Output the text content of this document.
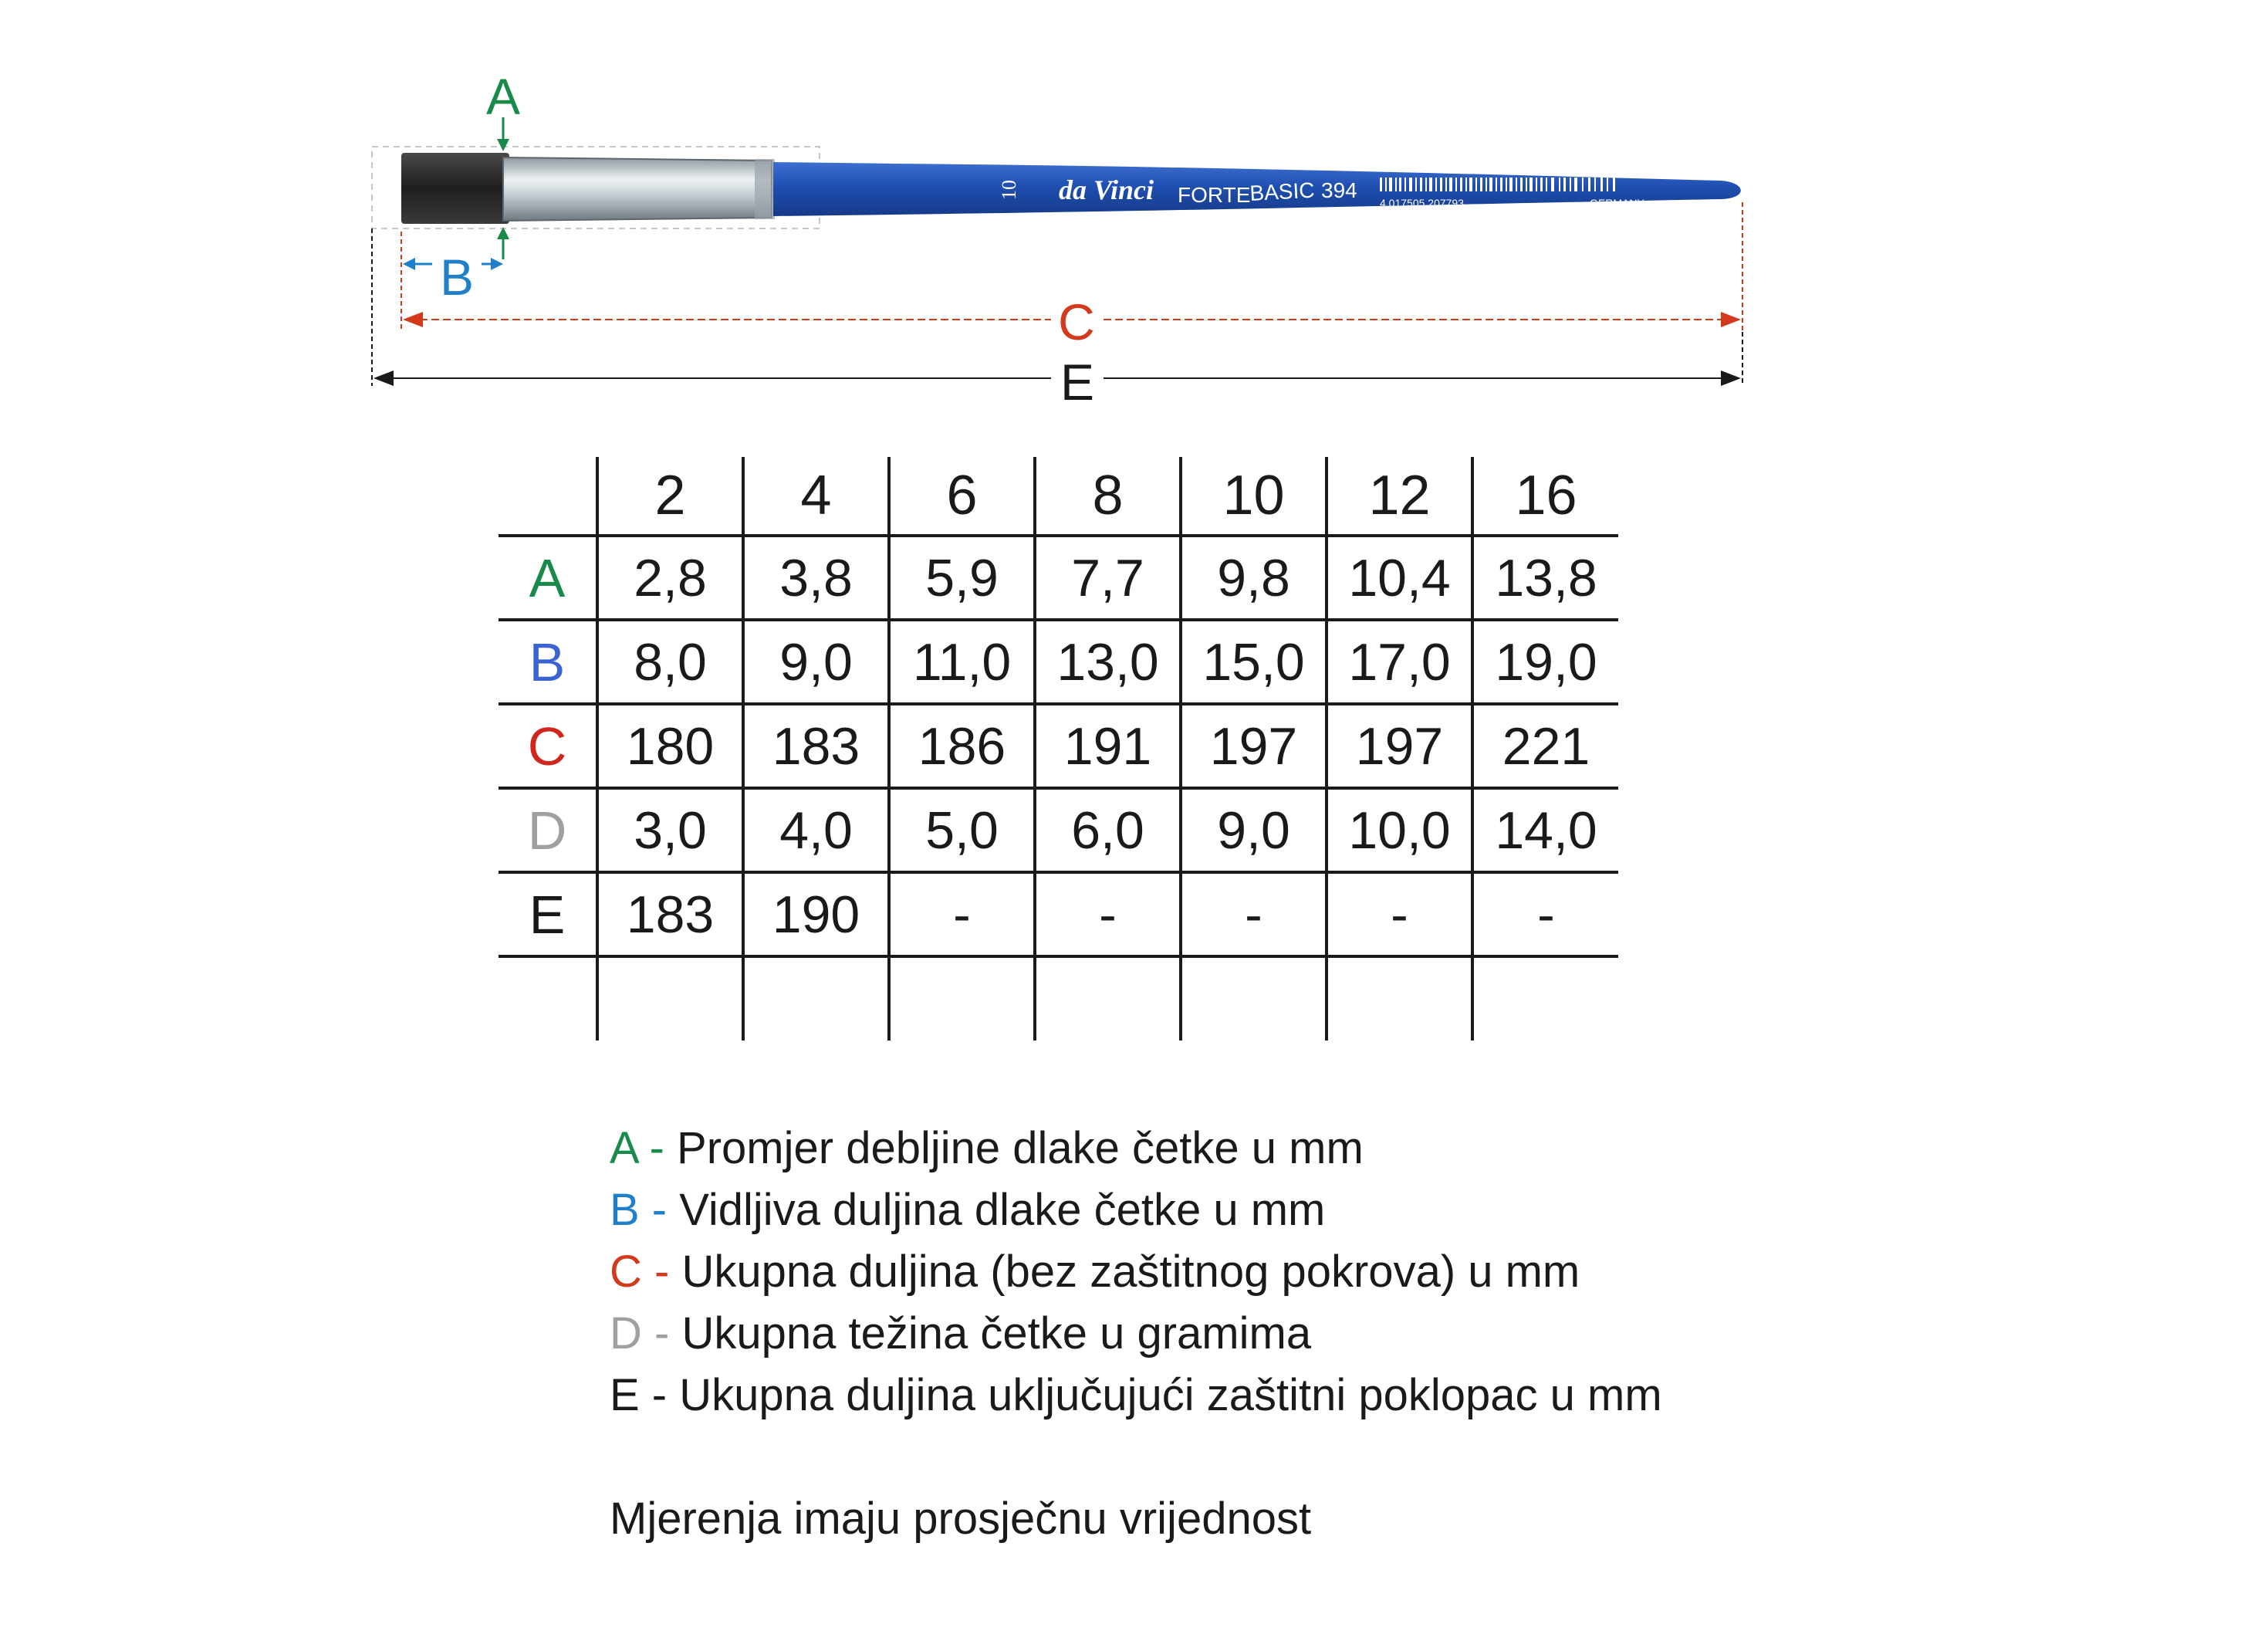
10 da Vinci FORTE
BASIC 394
4 017505 207793	GERMANY
A
B
C
E
	2	4	6	8	10	12	16
A	2,8	3,8	5,9	7,7	9,8	10,4	13,8
B	8,0	9,0	11,0	13,0	15,0	17,0	19,0
C	180	183	186	191	197	197	221
D	3,0	4,0	5,0	6,0	9,0	10,0	14,0
E	183	190	-	-	-	-	-

A - Promjer debljine dlake četke u mm
B - Vidljiva duljina dlake četke u mm
C - Ukupna duljina (bez zaštitnog pokrova) u mm
D - Ukupna težina četke u gramima
E - Ukupna duljina uključujući zaštitni poklopac u mm
Mjerenja imaju prosječnu vrijednost
